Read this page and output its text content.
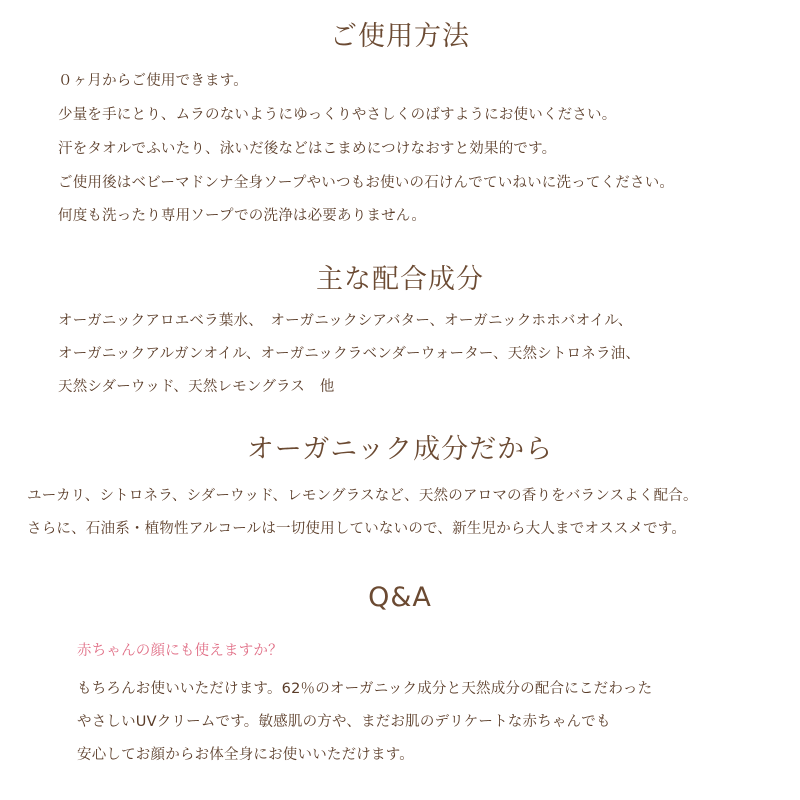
ご使用方法
０ヶ月からご使用できます。
少量を手にとり、ムラのないようにゆっくりやさしくのばすようにお使いください。
汗をタオルでふいたり、泳いだ後などはこまめにつけなおすと効果的です。
ご使用後はベビーマドンナ全身ソープやいつもお使いの石けんでていねいに洗ってください。
何度も洗ったり専用ソープでの洗浄は必要ありません。
主な配合成分
オーガニックアロエベラ葉水、　オーガニックシアバター、オーガニックホホバオイル、
オーガニックアルガンオイル、オーガニックラベンダーウォーター、天然シトロネラ油、
天然シダーウッド、天然レモングラス　他
オーガニック成分だから
ユーカリ、シトロネラ、シダーウッド、レモングラスなど、天然のアロマの香りをバランスよく配合。
さらに、石油系・植物性アルコールは一切使用していないので、新生児から大人までオススメです。
Q&A
赤ちゃんの顔にも使えますか？
もちろんお使いいただけます。62％のオーガニック成分と天然成分の配合にこだわった
やさしいUVクリームです。敏感肌の方や、まだお肌のデリケートな赤ちゃんでも
安心してお顔からお体全身にお使いいただけます。
